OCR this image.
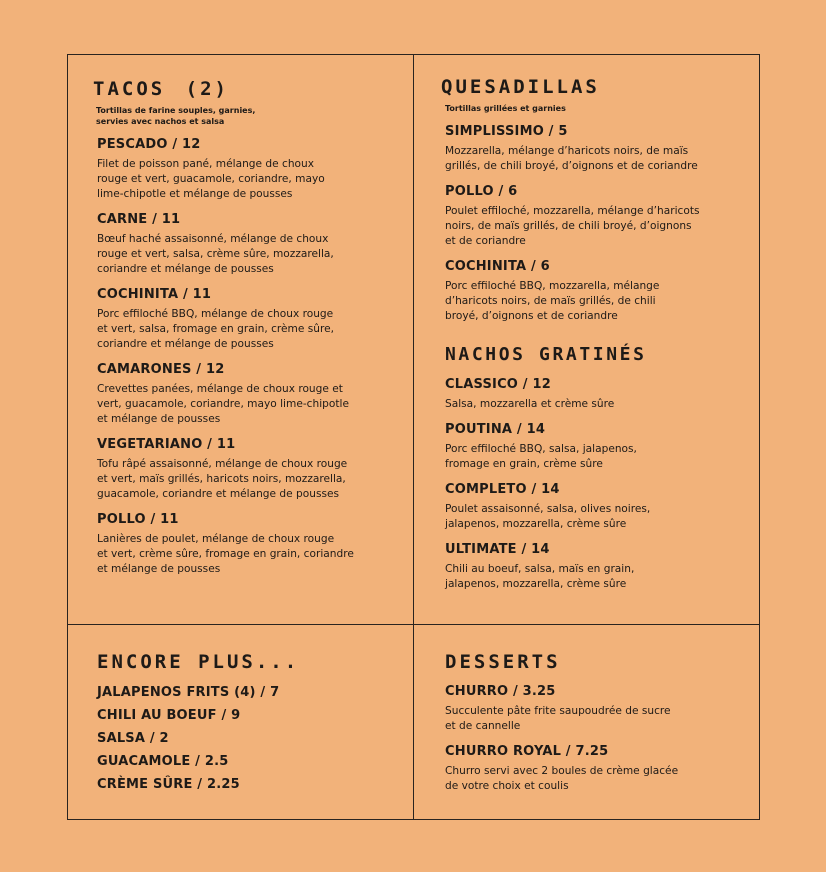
TACOS (2)
Tortillas de farine souples, garnies,
servies avec nachos et salsa
PESCADO / 12
Filet de poisson pané, mélange de choux
rouge et vert, guacamole, coriandre, mayo
lime-chipotle et mélange de pousses
CARNE / 11
Bœuf haché assaisonné, mélange de choux
rouge et vert, salsa, crème sûre, mozzarella,
coriandre et mélange de pousses
COCHINITA / 11
Porc effiloché BBQ, mélange de choux rouge
et vert, salsa, fromage en grain, crème sûre,
coriandre et mélange de pousses
CAMARONES / 12
Crevettes panées, mélange de choux rouge et
vert, guacamole, coriandre, mayo lime-chipotle
et mélange de pousses
VEGETARIANO / 11
Tofu râpé assaisonné, mélange de choux rouge
et vert, maïs grillés, haricots noirs, mozzarella,
guacamole, coriandre et mélange de pousses
POLLO / 11
Lanières de poulet, mélange de choux rouge
et vert, crème sûre, fromage en grain, coriandre
et mélange de pousses
QUESADILLAS
Tortillas grillées et garnies
SIMPLISSIMO / 5
Mozzarella, mélange d’haricots noirs, de maïs
grillés, de chili broyé, d’oignons et de coriandre
POLLO / 6
Poulet effiloché, mozzarella, mélange d’haricots
noirs, de maïs grillés, de chili broyé, d’oignons
et de coriandre
COCHINITA / 6
Porc effiloché BBQ, mozzarella, mélange
d’haricots noirs, de maïs grillés, de chili
broyé, d’oignons et de coriandre
NACHOS GRATINÉS
CLASSICO / 12
Salsa, mozzarella et crème sûre
POUTINA / 14
Porc effiloché BBQ, salsa, jalapenos,
fromage en grain, crème sûre
COMPLETO / 14
Poulet assaisonné, salsa, olives noires,
jalapenos, mozzarella, crème sûre
ULTIMATE / 14
Chili au boeuf, salsa, maïs en grain,
jalapenos, mozzarella, crème sûre
ENCORE PLUS...
JALAPENOS FRITS (4) / 7
CHILI AU BOEUF / 9
SALSA / 2
GUACAMOLE / 2.5
CRÈME SÛRE / 2.25
DESSERTS
CHURRO / 3.25
Succulente pâte frite saupoudrée de sucre
et de cannelle
CHURRO ROYAL / 7.25
Churro servi avec 2 boules de crème glacée
de votre choix et coulis
